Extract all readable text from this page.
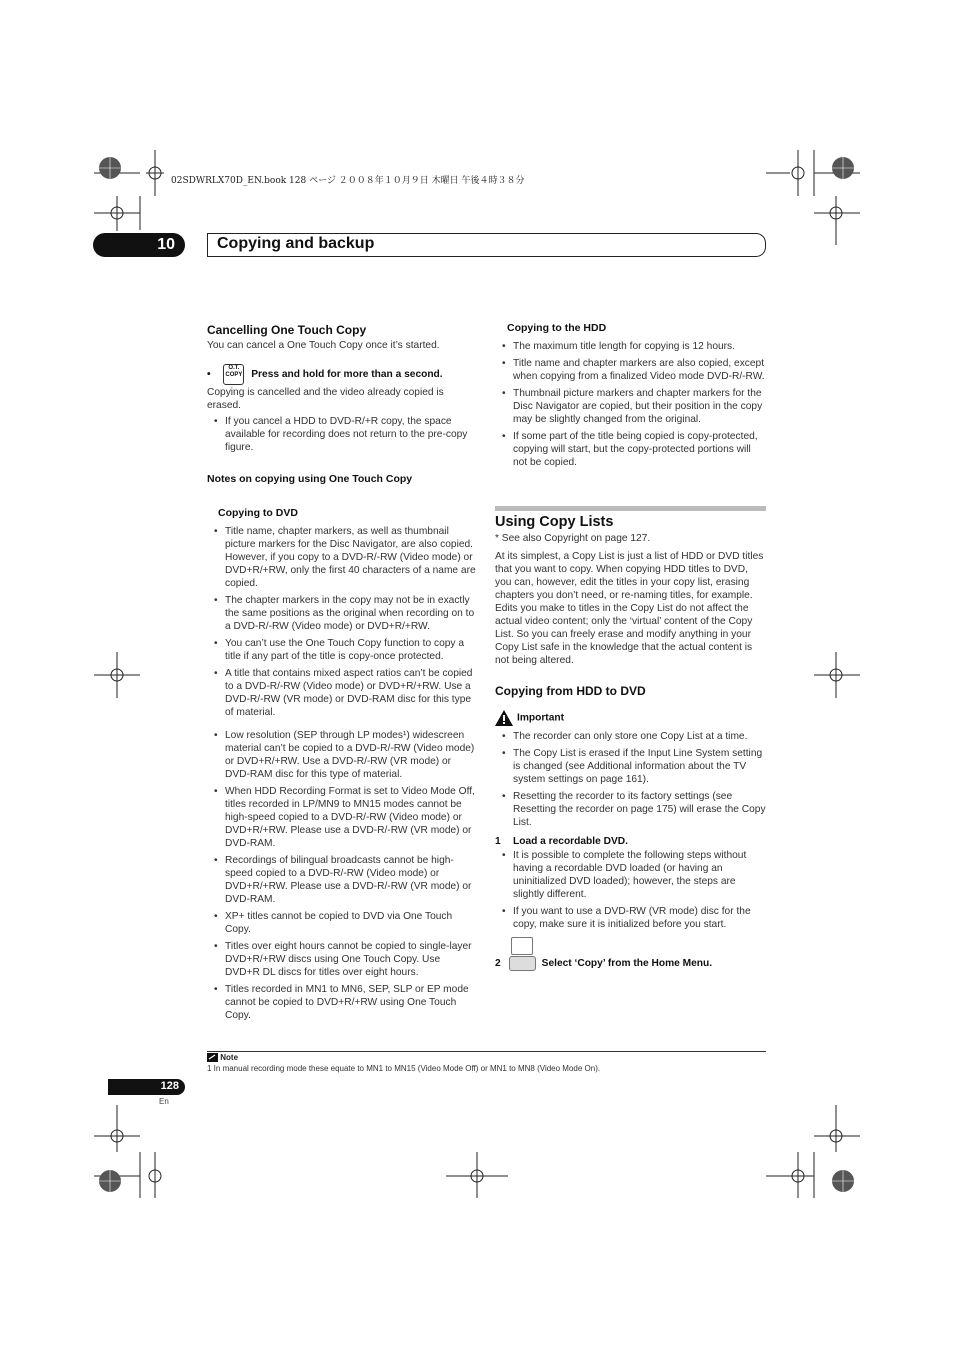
02SDWRLX70D_EN.book 128 ページ ２００８年１０月９日 木曜日 午後４時３８分
10	Copying and backup
Cancelling One Touch Copy

You can cancel a One Touch Copy once it’s started.

• O.T.
COPY Press and hold for more than a second.

Copying is cancelled and the video already copied is erased.

• If you cancel a HDD to DVD-R/+R copy, the space available for recording does not return to the pre-copy figure.
Notes on copying using One Touch Copy
Copying to DVD
• Title name, chapter markers, as well as thumbnail picture markers for the Disc Navigator, are also copied. However, if you copy to a DVD-R/-RW (Video mode) or DVD+R/+RW, only the first 40 characters of a name are copied.
• The chapter markers in the copy may not be in exactly the same positions as the original when recording on to a DVD-R/-RW (Video mode) or DVD+R/+RW.
• You can’t use the One Touch Copy function to copy a title if any part of the title is copy-once protected.
• A title that contains mixed aspect ratios can’t be copied to a DVD-R/-RW (Video mode) or DVD+R/+RW. Use a DVD-R/-RW (VR mode) or DVD-RAM disc for this type of material.
• Low resolution (SEP through LP modes¹) widescreen material can’t be copied to a DVD-R/-RW (Video mode) or DVD+R/+RW. Use a DVD-R/-RW (VR mode) or DVD-RAM disc for this type of material.
• When HDD Recording Format is set to Video Mode Off, titles recorded in LP/MN9 to MN15 modes cannot be high-speed copied to a DVD-R/-RW (Video mode) or DVD+R/+RW. Please use a DVD-R/-RW (VR mode) or DVD-RAM.
• Recordings of bilingual broadcasts cannot be high-speed copied to a DVD-R/-RW (Video mode) or DVD+R/+RW. Please use a DVD-R/-RW (VR mode) or DVD-RAM.
• XP+ titles cannot be copied to DVD via One Touch Copy.
• Titles over eight hours cannot be copied to single-layer DVD+R/+RW discs using One Touch Copy. Use DVD+R DL discs for titles over eight hours.
• Titles recorded in MN1 to MN6, SEP, SLP or EP mode cannot be copied to DVD+R/+RW using One Touch Copy.
Copying to the HDD
• The maximum title length for copying is 12 hours.
• Title name and chapter markers are also copied, except when copying from a finalized Video mode DVD-R/-RW.
• Thumbnail picture markers and chapter markers for the Disc Navigator are copied, but their position in the copy may be slightly changed from the original.
• If some part of the title being copied is copy-protected, copying will start, but the copy-protected portions will not be copied.
Using Copy Lists

* See also Copyright on page 127.

At its simplest, a Copy List is just a list of HDD or DVD titles that you want to copy. When copying HDD titles to DVD, you can, however, edit the titles in your copy list, erasing chapters you don’t need, or re-naming titles, for example. Edits you make to titles in the Copy List do not affect the actual video content; only the ‘virtual’ content of the Copy List. So you can freely erase and modify anything in your Copy List safe in the knowledge that the actual content is not being altered.

Copying from HDD to DVD

Important

• The recorder can only store one Copy List at a time.
• The Copy List is erased if the Input Line System setting is changed (see Additional information about the TV system settings on page 161).
• Resetting the recorder to its factory settings (see Resetting the recorder on page 175) will erase the Copy List.

1 Load a recordable DVD.

• It is possible to complete the following steps without having a recordable DVD loaded (or having an uninitialized DVD loaded); however, the steps are slightly different.
• If you want to use a DVD-RW (VR mode) disc for the copy, make sure it is initialized before you start.

2	Select ‘Copy’ from the Home Menu.

Note
1 In manual recording mode these equate to MN1 to MN15 (Video Mode Off) or MN1 to MN8 (Video Mode On).
128
En
